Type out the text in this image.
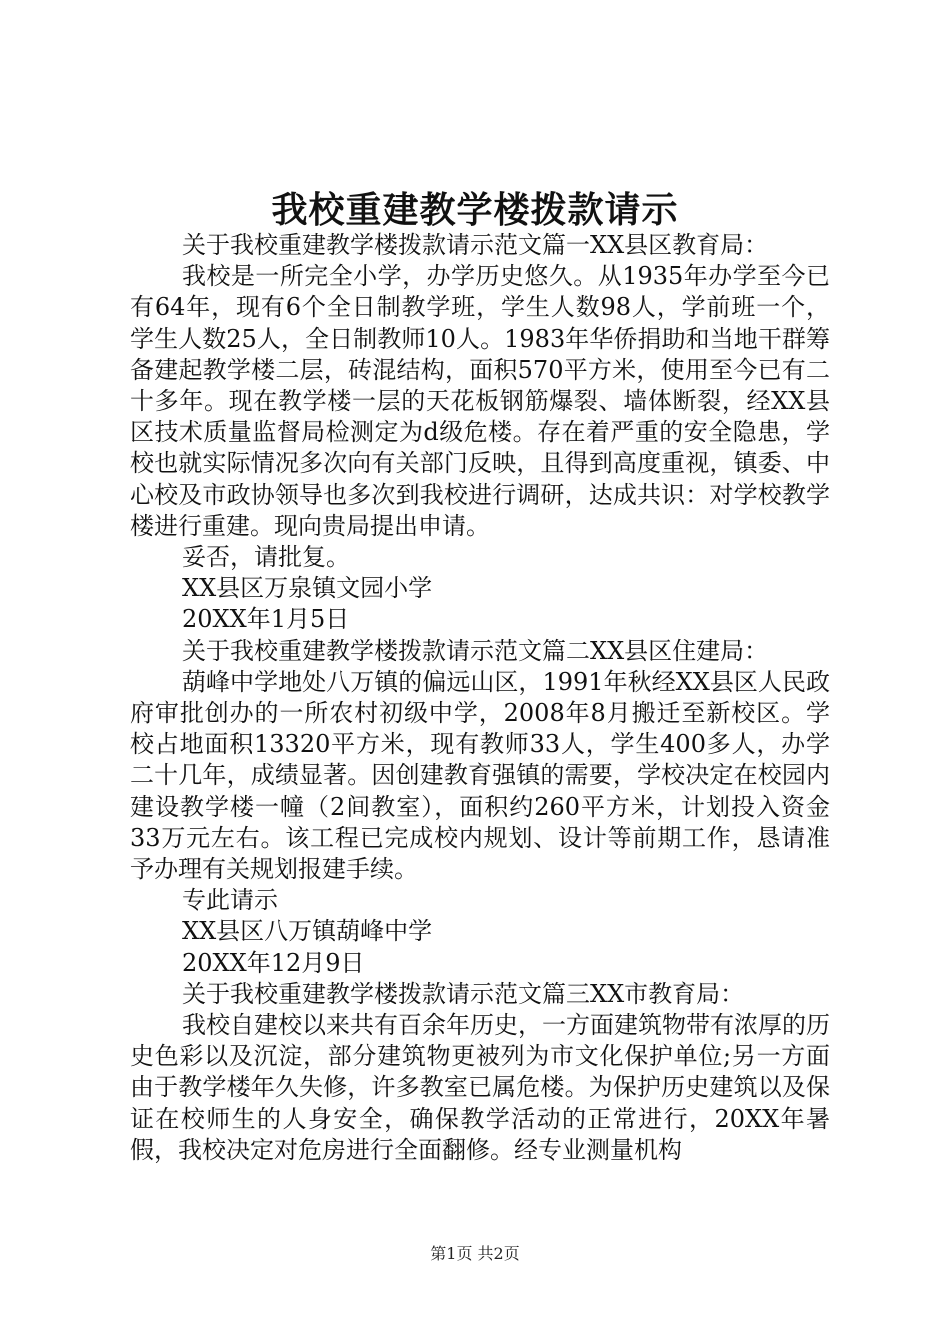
我校重建教学楼拨款请示

关于我校重建教学楼拨款请示范文篇一XX县区教育局：

我校是一所完全小学，办学历史悠久。从1935年办学至今已有64年，现有6个全日制教学班，学生人数98人，学前班一个，学生人数25人，全日制教师10人。1983年华侨捐助和当地干群筹备建起教学楼二层，砖混结构，面积570平方米，使用至今已有二十多年。现在教学楼一层的天花板钢筋爆裂、墙体断裂，经XX县区技术质量监督局检测定为d级危楼。存在着严重的安全隐患，学校也就实际情况多次向有关部门反映，且得到高度重视，镇委、中心校及市政协领导也多次到我校进行调研，达成共识：对学校教学楼进行重建。现向贵局提出申请。

妥否，请批复。

XX县区万泉镇文园小学

20XX年1月5日

关于我校重建教学楼拨款请示范文篇二XX县区住建局：

葫峰中学地处八万镇的偏远山区，1991年秋经XX县区人民政府审批创办的一所农村初级中学，2008年8月搬迁至新校区。学校占地面积13320平方米，现有教师33人，学生400多人，办学二十几年，成绩显著。因创建教育强镇的需要，学校决定在校园内建设教学楼一幢（2间教室），面积约260平方米，计划投入资金33万元左右。该工程已完成校内规划、设计等前期工作，恳请准予办理有关规划报建手续。

专此请示

XX县区八万镇葫峰中学

20XX年12月9日

关于我校重建教学楼拨款请示范文篇三XX市教育局：

我校自建校以来共有百余年历史，一方面建筑物带有浓厚的历史色彩以及沉淀，部分建筑物更被列为市文化保护单位;另一方面由于教学楼年久失修，许多教室已属危楼。为保护历史建筑以及保证在校师生的人身安全，确保教学活动的正常进行，20XX年暑假，我校决定对危房进行全面翻修。经专业测量机构

第1页 共2页
